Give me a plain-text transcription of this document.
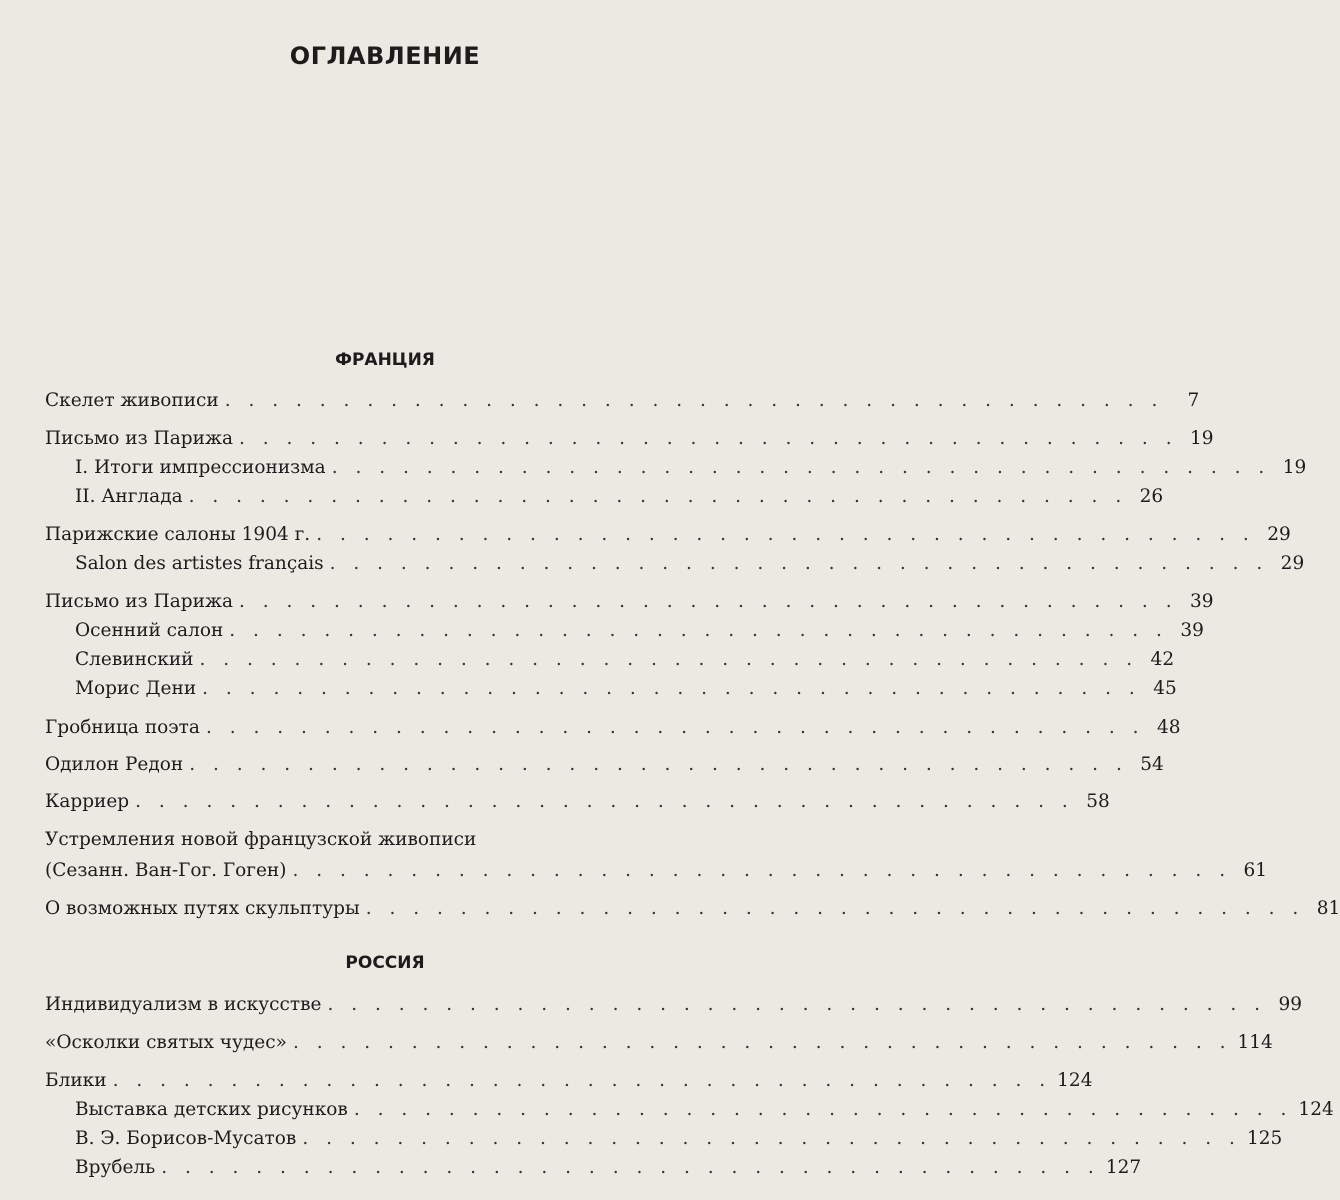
ОГЛАВЛЕНИЕ
ФРАНЦИЯ
Скелет живописи . . . . . . . . . . . . . . . . . . . . . . . . . . . . . . . . . . . . . . . .	7
Письмо из Парижа . . . . . . . . . . . . . . . . . . . . . . . . . . . . . . . . . . . . . . . . 19
I. Итоги импрессионизма . . . . . . . . . . . . . . . . . . . . . . . . . . . . . . . . . . . . . . . . 19
II. Англада . . . . . . . . . . . . . . . . . . . . . . . . . . . . . . . . . . . . . . . . 26
Парижские салоны 1904 г. . . . . . . . . . . . . . . . . . . . . . . . . . . . . . . . . . . . . . . . . 29
Salon des artistes français . . . . . . . . . . . . . . . . . . . . . . . . . . . . . . . . . . . . . . . . 29
Письмо из Парижа . . . . . . . . . . . . . . . . . . . . . . . . . . . . . . . . . . . . . . . . 39
Осенний салон . . . . . . . . . . . . . . . . . . . . . . . . . . . . . . . . . . . . . . . . 39
Слевинский . . . . . . . . . . . . . . . . . . . . . . . . . . . . . . . . . . . . . . . . 42
Морис Дени . . . . . . . . . . . . . . . . . . . . . . . . . . . . . . . . . . . . . . . . 45
Гробница поэта . . . . . . . . . . . . . . . . . . . . . . . . . . . . . . . . . . . . . . . . 48
Одилон Редон . . . . . . . . . . . . . . . . . . . . . . . . . . . . . . . . . . . . . . . . 54
Карриер . . . . . . . . . . . . . . . . . . . . . . . . . . . . . . . . . . . . . . . . 58
Устремления новой французской живописи
(Сезанн. Ван-Гог. Гоген) . . . . . . . . . . . . . . . . . . . . . . . . . . . . . . . . . . . . . . . . 61
О возможных путях скульптуры . . . . . . . . . . . . . . . . . . . . . . . . . . . . . . . . . . . . . . . . 81
РОССИЯ
Индивидуализм в искусстве . . . . . . . . . . . . . . . . . . . . . . . . . . . . . . . . . . . . . . . . 99
«Осколки святых чудес» . . . . . . . . . . . . . . . . . . . . . . . . . . . . . . . . . . . . . . . . 114
Блики . . . . . . . . . . . . . . . . . . . . . . . . . . . . . . . . . . . . . . . . 124
Выставка детских рисунков . . . . . . . . . . . . . . . . . . . . . . . . . . . . . . . . . . . . . . . . 124
В. Э. Борисов-Мусатов . . . . . . . . . . . . . . . . . . . . . . . . . . . . . . . . . . . . . . . . 125
Врубель . . . . . . . . . . . . . . . . . . . . . . . . . . . . . . . . . . . . . . . . 127
